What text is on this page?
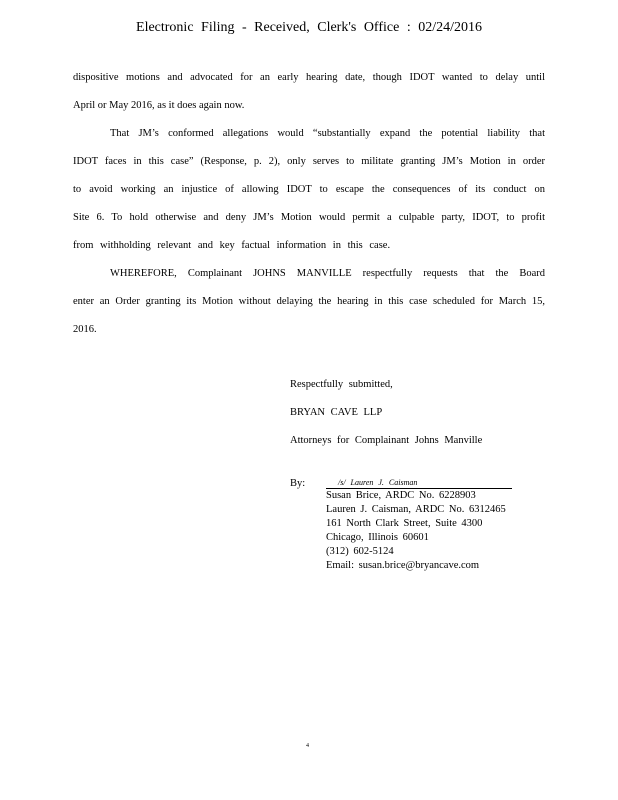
Electronic Filing - Received, Clerk's Office : 02/24/2016
dispositive motions and advocated for an early hearing date, though IDOT wanted to delay until
April or May 2016, as it does again now.
That JM’s conformed allegations would “substantially expand the potential liability that
IDOT faces in this case” (Response, p. 2), only serves to militate granting JM’s Motion in order
to avoid working an injustice of allowing IDOT to escape the consequences of its conduct on
Site 6. To hold otherwise and deny JM’s Motion would permit a culpable party, IDOT, to profit
from withholding relevant and key factual information in this case.
WHEREFORE, Complainant JOHNS MANVILLE respectfully requests that the Board
enter an Order granting its Motion without delaying the hearing in this case scheduled for March 15,
2016.
Respectfully submitted,
BRYAN CAVE LLP
Attorneys for Complainant Johns Manville
By:	/s/ Lauren J. Caisman
Susan Brice, ARDC No. 6228903
Lauren J. Caisman, ARDC No. 6312465
161 North Clark Street, Suite 4300
Chicago, Illinois 60601
(312) 602-5124
Email: susan.brice@bryancave.com
4
